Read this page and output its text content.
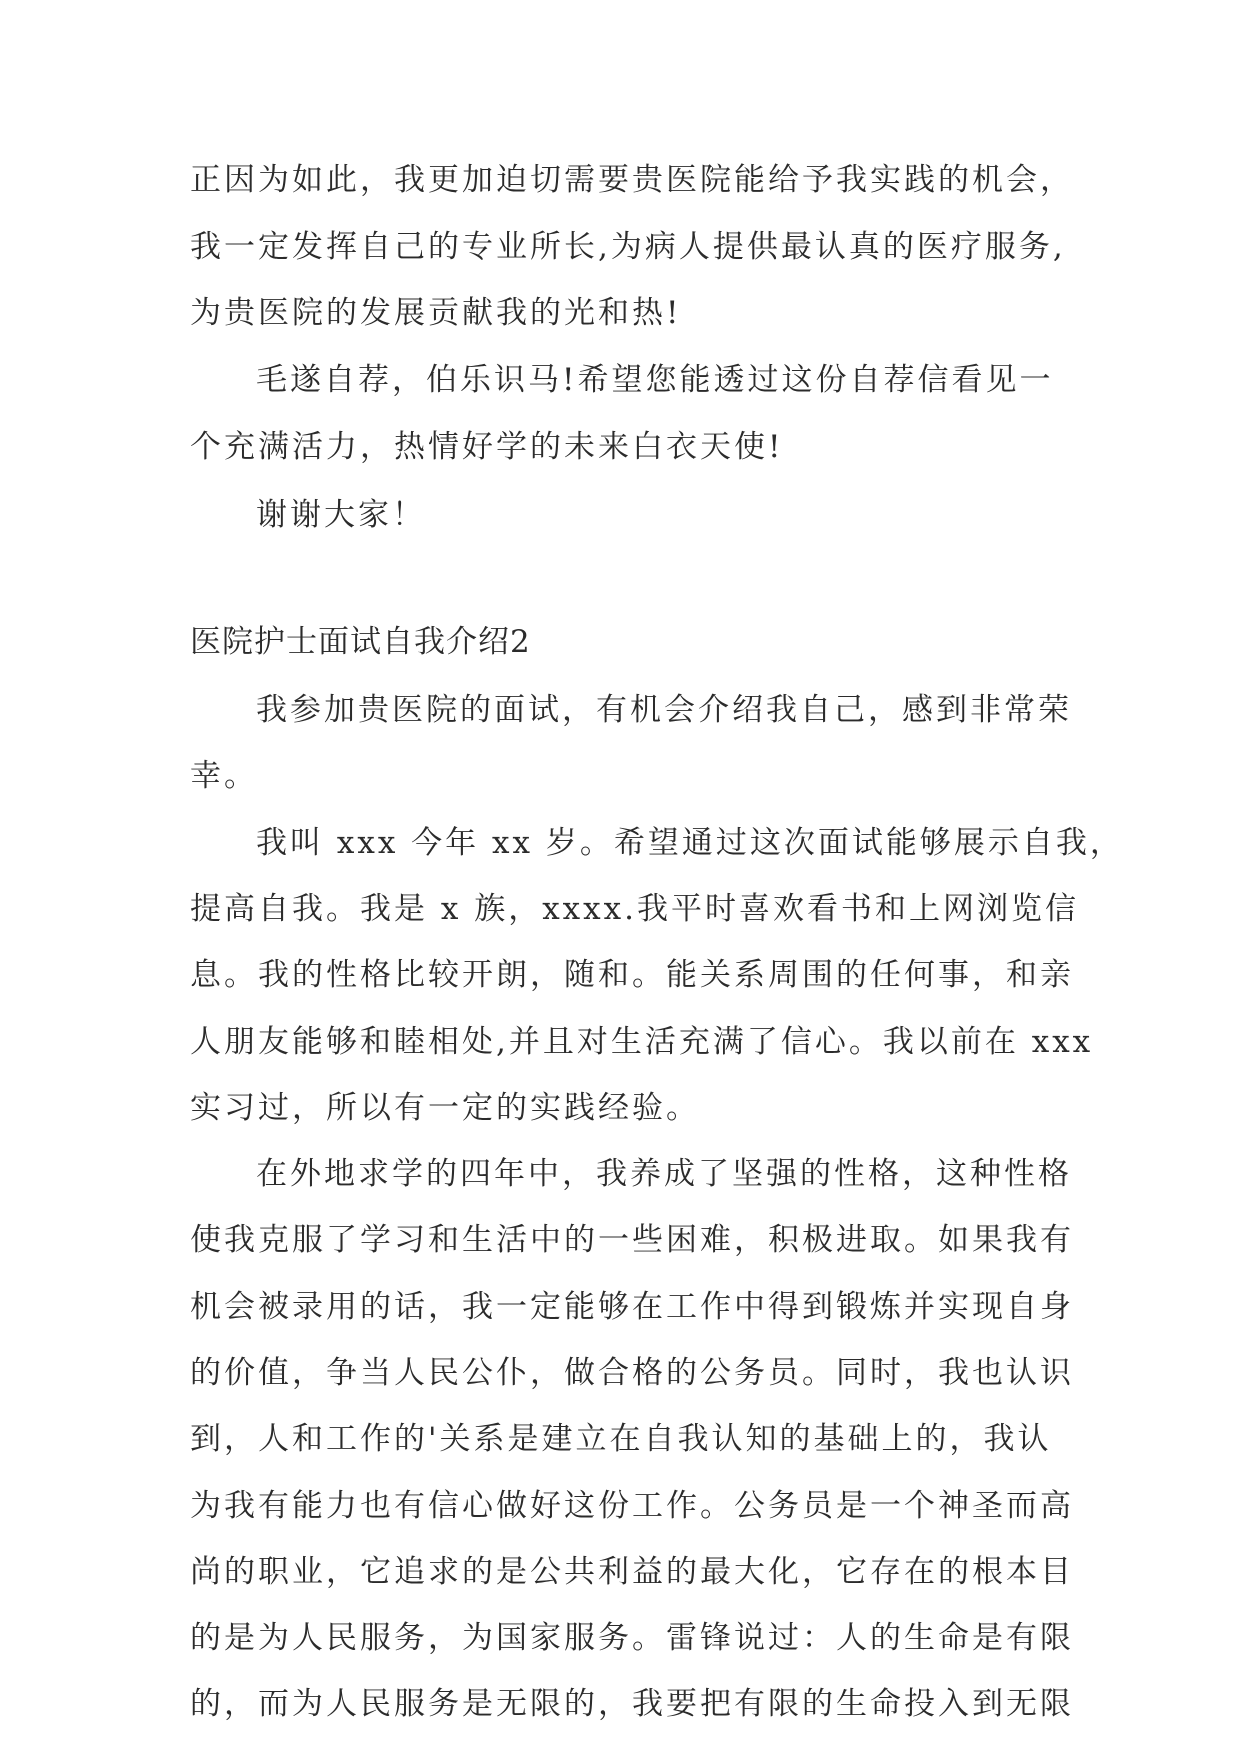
正因为如此，我更加迫切需要贵医院能给予我实践的机会，
我一定发挥自己的专业所长,为病人提供最认真的医疗服务,
为贵医院的发展贡献我的光和热!
毛遂自荐，伯乐识马!希望您能透过这份自荐信看见一
个充满活力，热情好学的未来白衣天使!
谢谢大家！
医院护士面试自我介绍2
我参加贵医院的面试，有机会介绍我自己，感到非常荣
幸。
我叫 xxx 今年 xx 岁。希望通过这次面试能够展示自我，
提高自我。我是 x 族，xxxx.我平时喜欢看书和上网浏览信
息。我的性格比较开朗，随和。能关系周围的任何事，和亲
人朋友能够和睦相处,并且对生活充满了信心。我以前在 xxx
实习过，所以有一定的实践经验。
在外地求学的四年中，我养成了坚强的性格，这种性格
使我克服了学习和生活中的一些困难，积极进取。如果我有
机会被录用的话，我一定能够在工作中得到锻炼并实现自身
的价值，争当人民公仆，做合格的公务员。同时，我也认识
到，人和工作的'关系是建立在自我认知的基础上的，我认
为我有能力也有信心做好这份工作。公务员是一个神圣而高
尚的职业，它追求的是公共利益的最大化，它存在的根本目
的是为人民服务，为国家服务。雷锋说过：人的生命是有限
的，而为人民服务是无限的，我要把有限的生命投入到无限
